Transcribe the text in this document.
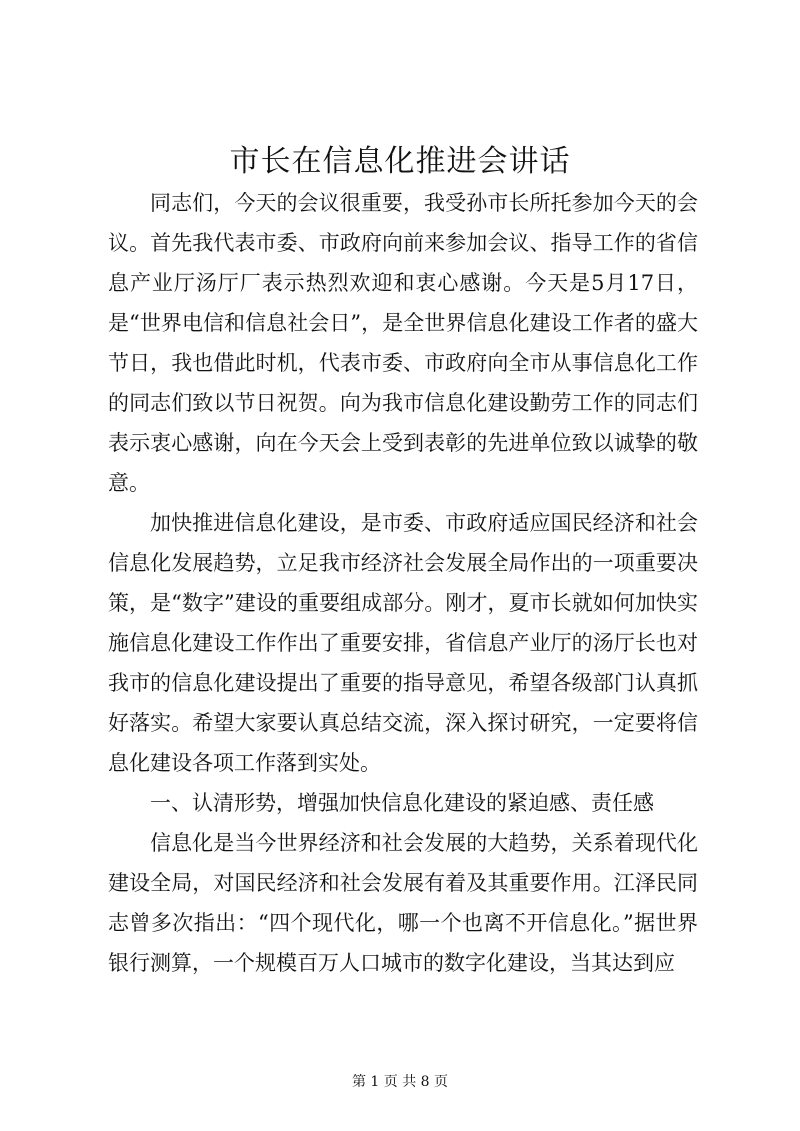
市长在信息化推进会讲话

同志们，今天的会议很重要，我受孙市长所托参加今天的会议。首先我代表市委、市政府向前来参加会议、指导工作的省信息产业厅汤厅厂表示热烈欢迎和衷心感谢。今天是5月17日，是“世界电信和信息社会日”，是全世界信息化建设工作者的盛大节日，我也借此时机，代表市委、市政府向全市从事信息化工作的同志们致以节日祝贺。向为我市信息化建设勤劳工作的同志们表示衷心感谢，向在今天会上受到表彰的先进单位致以诚挚的敬意。

加快推进信息化建设，是市委、市政府适应国民经济和社会信息化发展趋势，立足我市经济社会发展全局作出的一项重要决策，是“数字”建设的重要组成部分。刚才，夏市长就如何加快实施信息化建设工作作出了重要安排，省信息产业厅的汤厅长也对我市的信息化建设提出了重要的指导意见，希望各级部门认真抓好落实。希望大家要认真总结交流，深入探讨研究，一定要将信息化建设各项工作落到实处。

一、认清形势，增强加快信息化建设的紧迫感、责任感

信息化是当今世界经济和社会发展的大趋势，关系着现代化建设全局，对国民经济和社会发展有着及其重要作用。江泽民同志曾多次指出：“四个现代化，哪一个也离不开信息化。”据世界银行测算，一个规模百万人口城市的数字化建设，当其达到应

第 1 页 共 8 页
